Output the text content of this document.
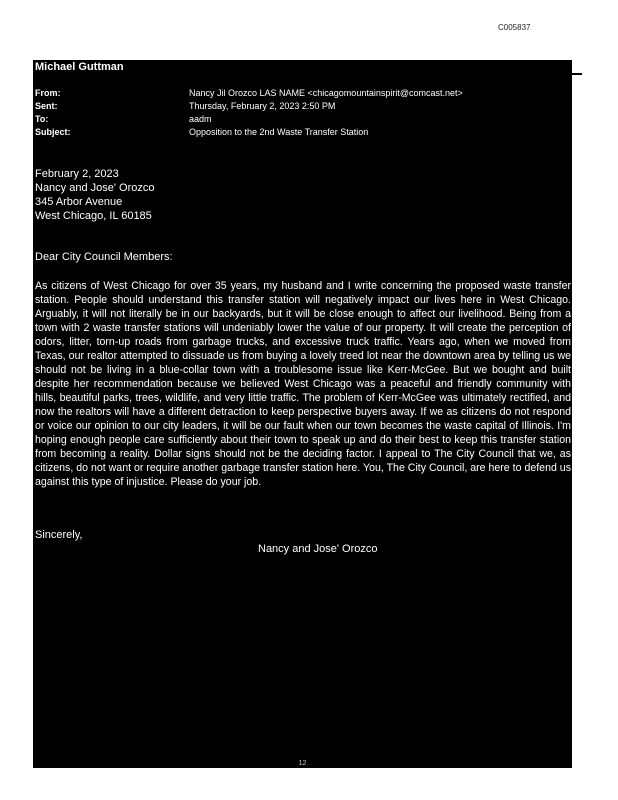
C005837
Michael Guttman
From:	Nancy Jil Orozco LAS NAME <chicagomountainspirit@comcast.net>
Sent:	Thursday, February 2, 2023 2:50 PM
To:	aadm
Subject:	Opposition to the 2nd Waste Transfer Station
February 2, 2023
Nancy and Jose' Orozco
345 Arbor Avenue
West Chicago, IL 60185
Dear City Council Members:
As citizens of West Chicago for over 35 years, my husband and I write concerning the proposed waste transfer station. People should understand this transfer station will negatively impact our lives here in West Chicago. Arguably, it will not literally be in our backyards, but it will be close enough to affect our livelihood. Being from a town with 2 waste transfer stations will undeniably lower the value of our property. It will create the perception of odors, litter, torn-up roads from garbage trucks, and excessive truck traffic. Years ago, when we moved from Texas, our realtor attempted to dissuade us from buying a lovely treed lot near the downtown area by telling us we should not be living in a blue-collar town with a troublesome issue like Kerr-McGee. But we bought and built despite her recommendation because we believed West Chicago was a peaceful and friendly community with hills, beautiful parks, trees, wildlife, and very little traffic. The problem of Kerr-McGee was ultimately rectified, and now the realtors will have a different detraction to keep perspective buyers away. If we as citizens do not respond or voice our opinion to our city leaders, it will be our fault when our town becomes the waste capital of Illinois. I'm hoping enough people care sufficiently about their town to speak up and do their best to keep this transfer station from becoming a reality. Dollar signs should not be the deciding factor. I appeal to The City Council that we, as citizens, do not want or require another garbage transfer station here. You, The City Council, are here to defend us against this type of injustice. Please do your job.
Sincerely,
Nancy and Jose' Orozco
12
